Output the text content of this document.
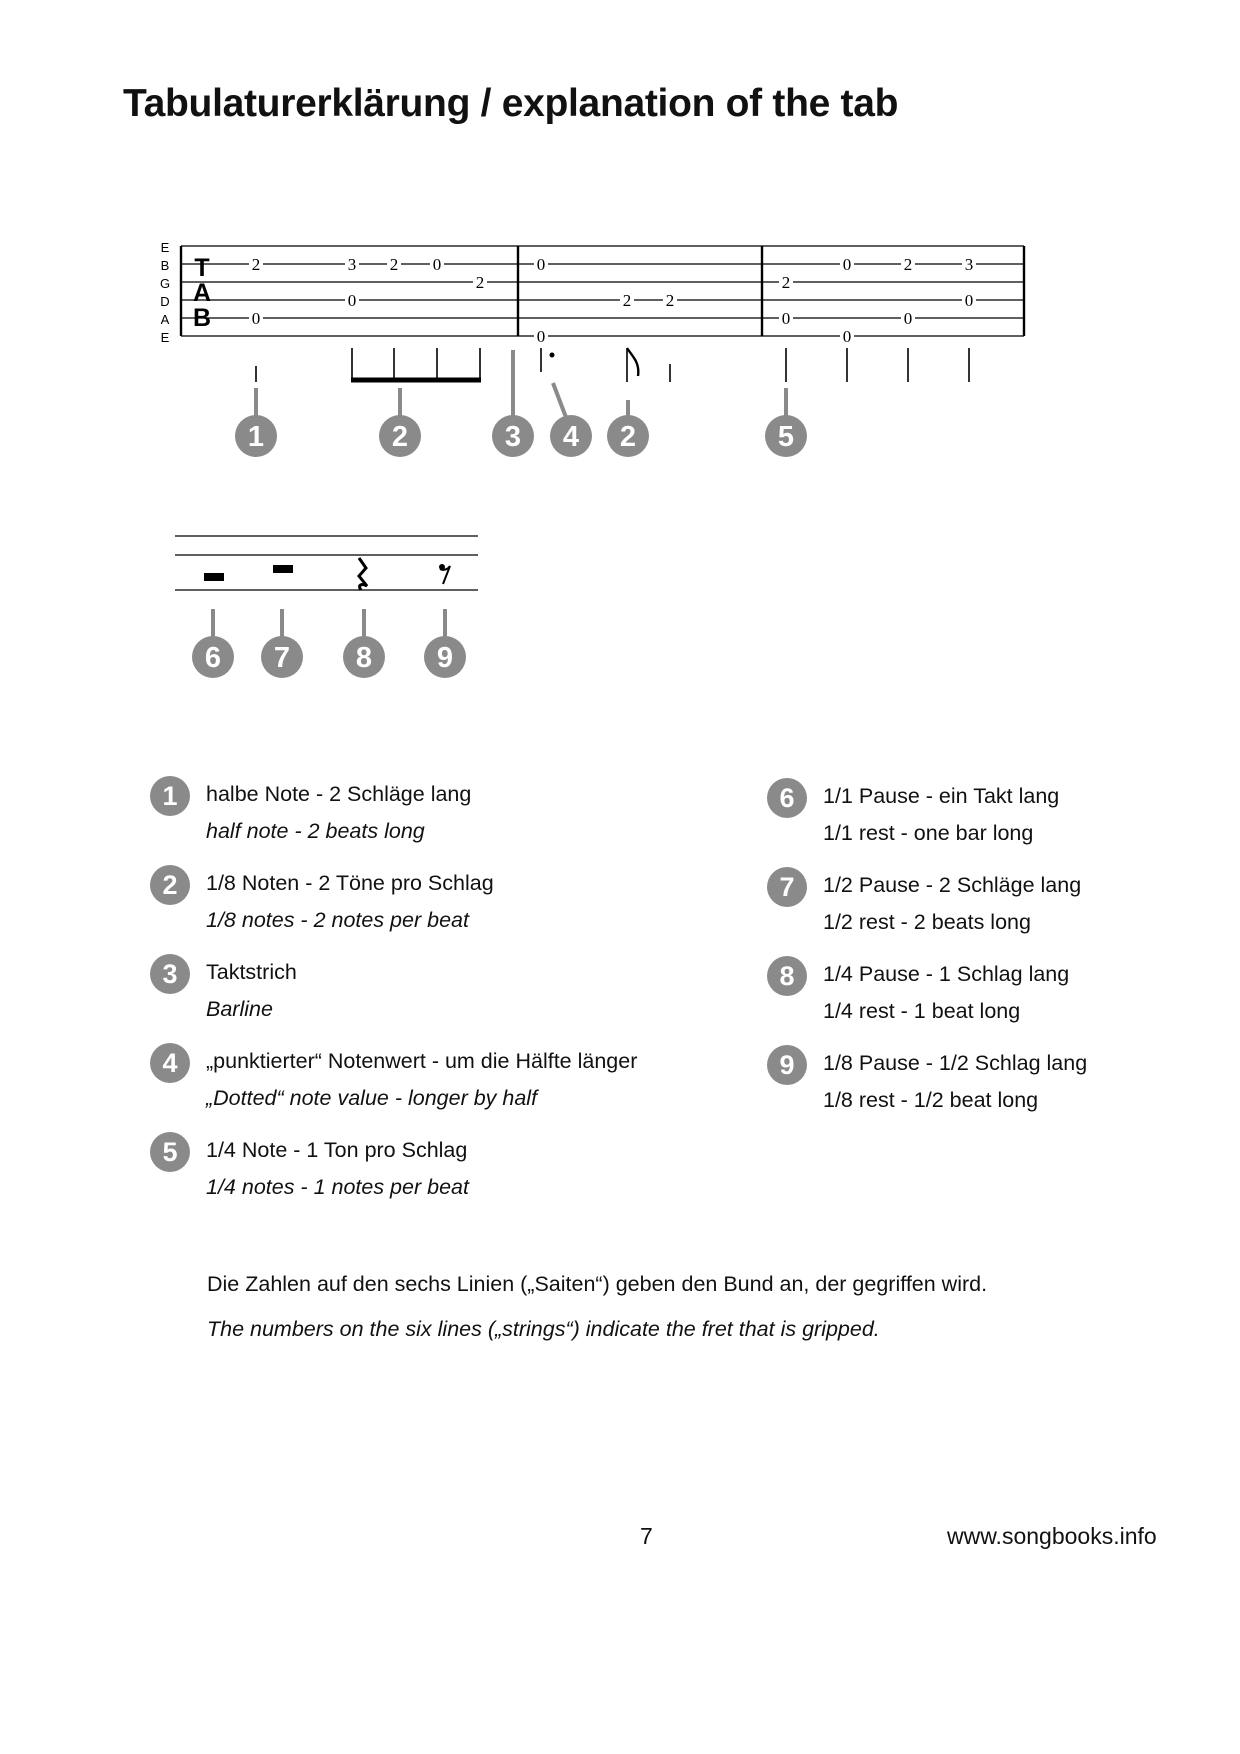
Tabulaturerklärung / explanation of the tab
E
B
G
D
A
E
T
A
B
2
0
3
0
2 0
2
0
0
2 2
2
0
0
0
2
0
3
0
1	2	3 4 2	5
6 7 8 9
1	halbe Note - 2 Schläge lang
half note - 2 beats long
2	1/8 Noten - 2 Töne pro Schlag
1/8 notes - 2 notes per beat
3	Taktstrich
Barline
4	„punktierter“ Notenwert - um die Hälfte länger
„Dotted“ note value - longer by half
5	1/4 Note - 1 Ton pro Schlag
1/4 notes - 1 notes per beat
6	1/1 Pause - ein Takt lang
1/1 rest - one bar long
7	1/2 Pause - 2 Schläge lang
1/2 rest - 2 beats long
8	1/4 Pause - 1 Schlag lang
1/4 rest - 1 beat long
9	1/8 Pause - 1/2 Schlag lang
1/8 rest - 1/2 beat long
Die Zahlen auf den sechs Linien („Saiten“) geben den Bund an, der gegriffen wird.
The numbers on the six lines („strings“) indicate the fret that is gripped.
7	www.songbooks.info
